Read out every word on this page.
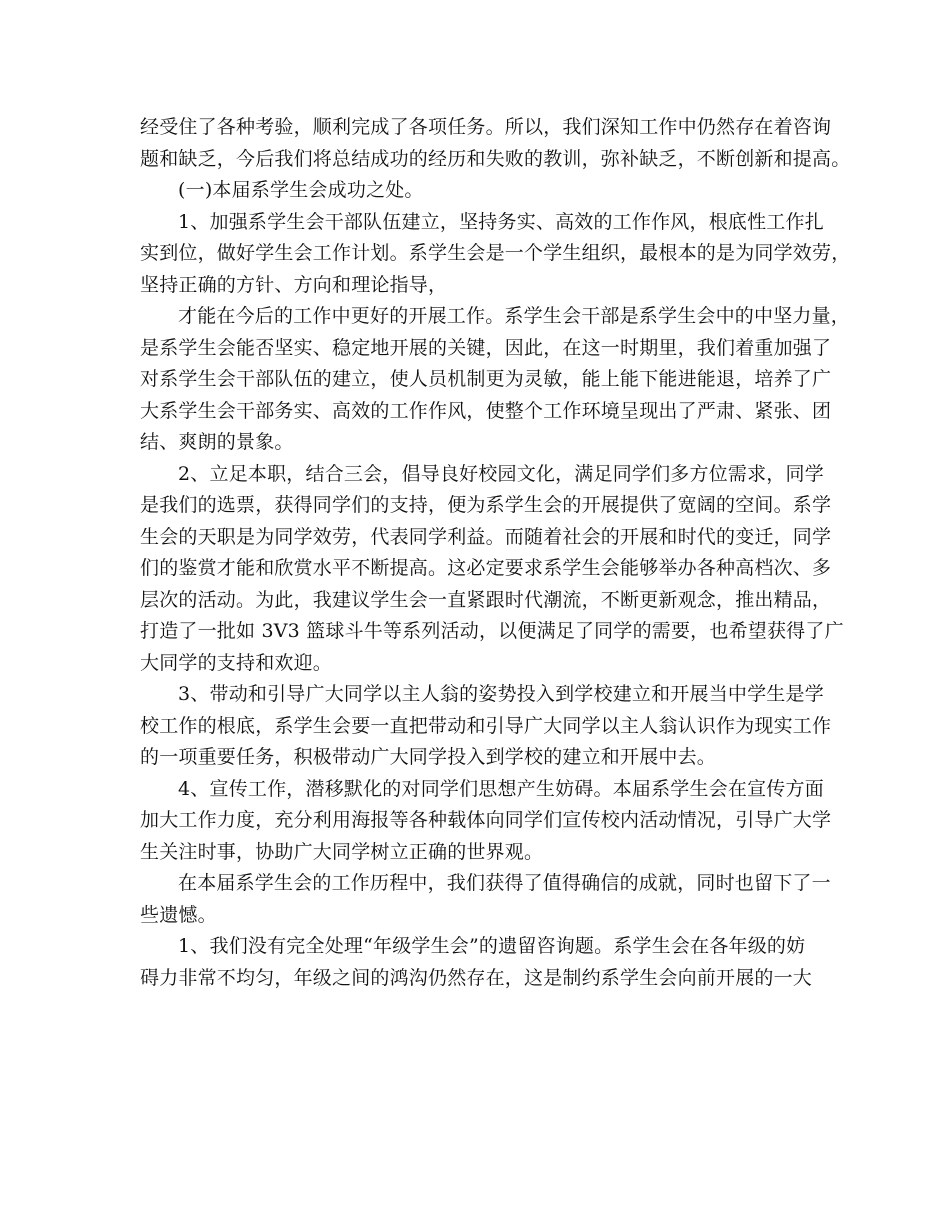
经受住了各种考验，顺利完成了各项任务。所以，我们深知工作中仍然存在着咨询
题和缺乏，今后我们将总结成功的经历和失败的教训，弥补缺乏，不断创新和提高。
(一)本届系学生会成功之处。
1、加强系学生会干部队伍建立，坚持务实、高效的工作作风，根底性工作扎
实到位，做好学生会工作计划。系学生会是一个学生组织，最根本的是为同学效劳，
坚持正确的方针、方向和理论指导，
才能在今后的工作中更好的开展工作。系学生会干部是系学生会中的中坚力量，
是系学生会能否坚实、稳定地开展的关键，因此，在这一时期里，我们着重加强了
对系学生会干部队伍的建立，使人员机制更为灵敏，能上能下能进能退，培养了广
大系学生会干部务实、高效的工作作风，使整个工作环境呈现出了严肃、紧张、团
结、爽朗的景象。
2、立足本职，结合三会，倡导良好校园文化，满足同学们多方位需求，同学
是我们的选票，获得同学们的支持，便为系学生会的开展提供了宽阔的空间。系学
生会的天职是为同学效劳，代表同学利益。而随着社会的开展和时代的变迁，同学
们的鉴赏才能和欣赏水平不断提高。这必定要求系学生会能够举办各种高档次、多
层次的活动。为此，我建议学生会一直紧跟时代潮流，不断更新观念，推出精品，
打造了一批如 3V3 篮球斗牛等系列活动，以便满足了同学的需要，也希望获得了广
大同学的支持和欢迎。
3、带动和引导广大同学以主人翁的姿势投入到学校建立和开展当中学生是学
校工作的根底，系学生会要一直把带动和引导广大同学以主人翁认识作为现实工作
的一项重要任务，积极带动广大同学投入到学校的建立和开展中去。
4、宣传工作，潜移默化的对同学们思想产生妨碍。本届系学生会在宣传方面
加大工作力度，充分利用海报等各种载体向同学们宣传校内活动情况，引导广大学
生关注时事，协助广大同学树立正确的世界观。
在本届系学生会的工作历程中，我们获得了值得确信的成就，同时也留下了一
些遗憾。
1、我们没有完全处理“年级学生会”的遗留咨询题。系学生会在各年级的妨
碍力非常不均匀，年级之间的鸿沟仍然存在，这是制约系学生会向前开展的一大
